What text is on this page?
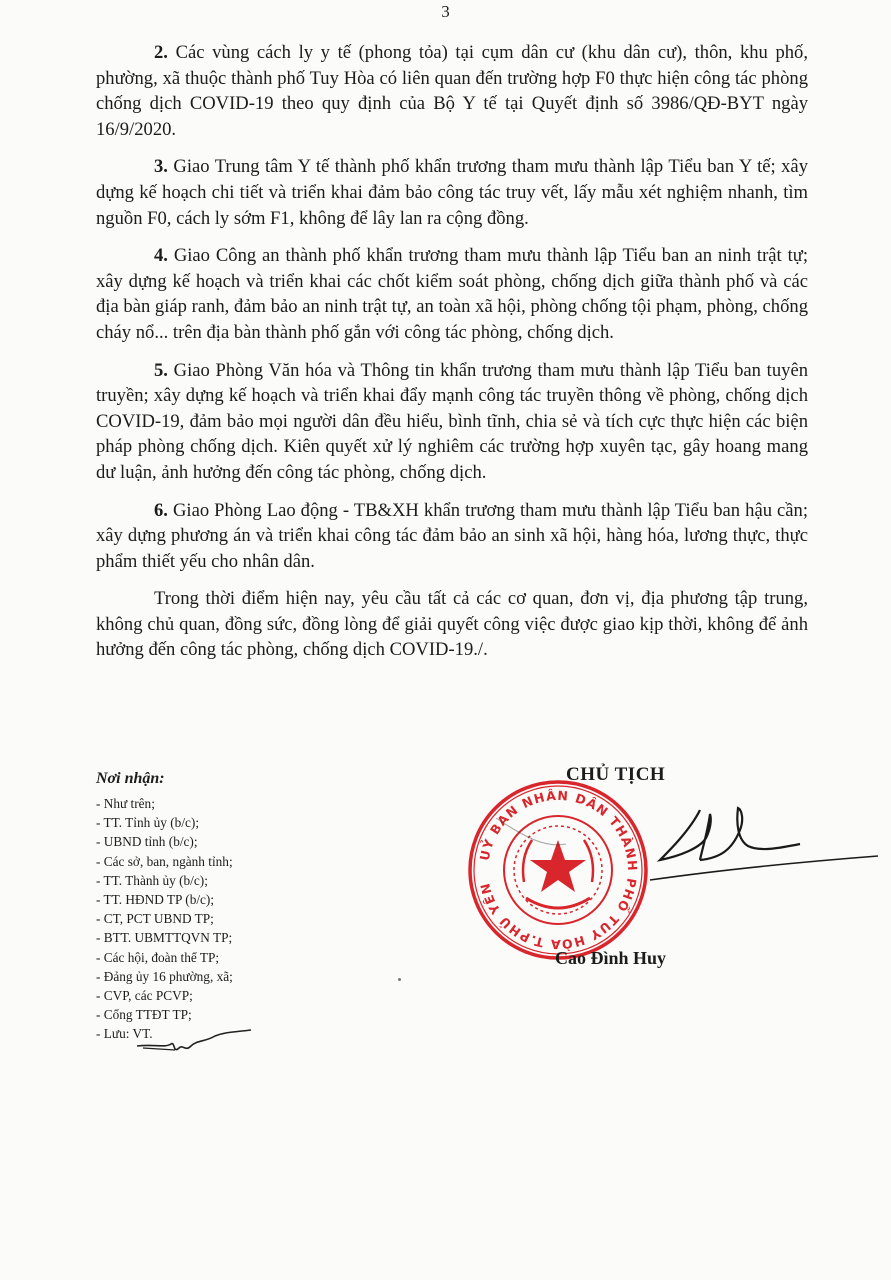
3

2. Các vùng cách ly y tế (phong tỏa) tại cụm dân cư (khu dân cư), thôn, khu phố, phường, xã thuộc thành phố Tuy Hòa có liên quan đến trường hợp F0 thực hiện công tác phòng chống dịch COVID-19 theo quy định của Bộ Y tế tại Quyết định số 3986/QĐ-BYT ngày 16/9/2020.

3. Giao Trung tâm Y tế thành phố khẩn trương tham mưu thành lập Tiểu ban Y tế; xây dựng kế hoạch chi tiết và triển khai đảm bảo công tác truy vết, lấy mẫu xét nghiệm nhanh, tìm nguồn F0, cách ly sớm F1, không để lây lan ra cộng đồng.

4. Giao Công an thành phố khẩn trương tham mưu thành lập Tiểu ban an ninh trật tự; xây dựng kế hoạch và triển khai các chốt kiểm soát phòng, chống dịch giữa thành phố và các địa bàn giáp ranh, đảm bảo an ninh trật tự, an toàn xã hội, phòng chống tội phạm, phòng, chống cháy nổ... trên địa bàn thành phố gắn với công tác phòng, chống dịch.

5. Giao Phòng Văn hóa và Thông tin khẩn trương tham mưu thành lập Tiểu ban tuyên truyền; xây dựng kế hoạch và triển khai đẩy mạnh công tác truyền thông về phòng, chống dịch COVID-19, đảm bảo mọi người dân đều hiểu, bình tĩnh, chia sẻ và tích cực thực hiện các biện pháp phòng chống dịch. Kiên quyết xử lý nghiêm các trường hợp xuyên tạc, gây hoang mang dư luận, ảnh hưởng đến công tác phòng, chống dịch.

6. Giao Phòng Lao động - TB&XH khẩn trương tham mưu thành lập Tiểu ban hậu cần; xây dựng phương án và triển khai công tác đảm bảo an sinh xã hội, hàng hóa, lương thực, thực phẩm thiết yếu cho nhân dân.

Trong thời điểm hiện nay, yêu cầu tất cả các cơ quan, đơn vị, địa phương tập trung, không chủ quan, đồng sức, đồng lòng để giải quyết công việc được giao kịp thời, không để ảnh hưởng đến công tác phòng, chống dịch COVID-19./.

Nơi nhận:
- Như trên;
- TT. Tỉnh ủy (b/c);
- UBND tỉnh (b/c);
- Các sở, ban, ngành tỉnh;
- TT. Thành ủy (b/c);
- TT. HĐND TP (b/c);
- CT, PCT UBND TP;
- BTT. UBMTTQVN TP;
- Các hội, đoàn thể TP;
- Đảng ủy 16 phường, xã;
- CVP, các PCVP;
- Cổng TTĐT TP;
- Lưu: VT.
CHỦ TỊCH
UỶ BAN NHÂN DÂN THÀNH PHỐ TUY HÒA T.PHÚ YÊN
Cao Đình Huy
